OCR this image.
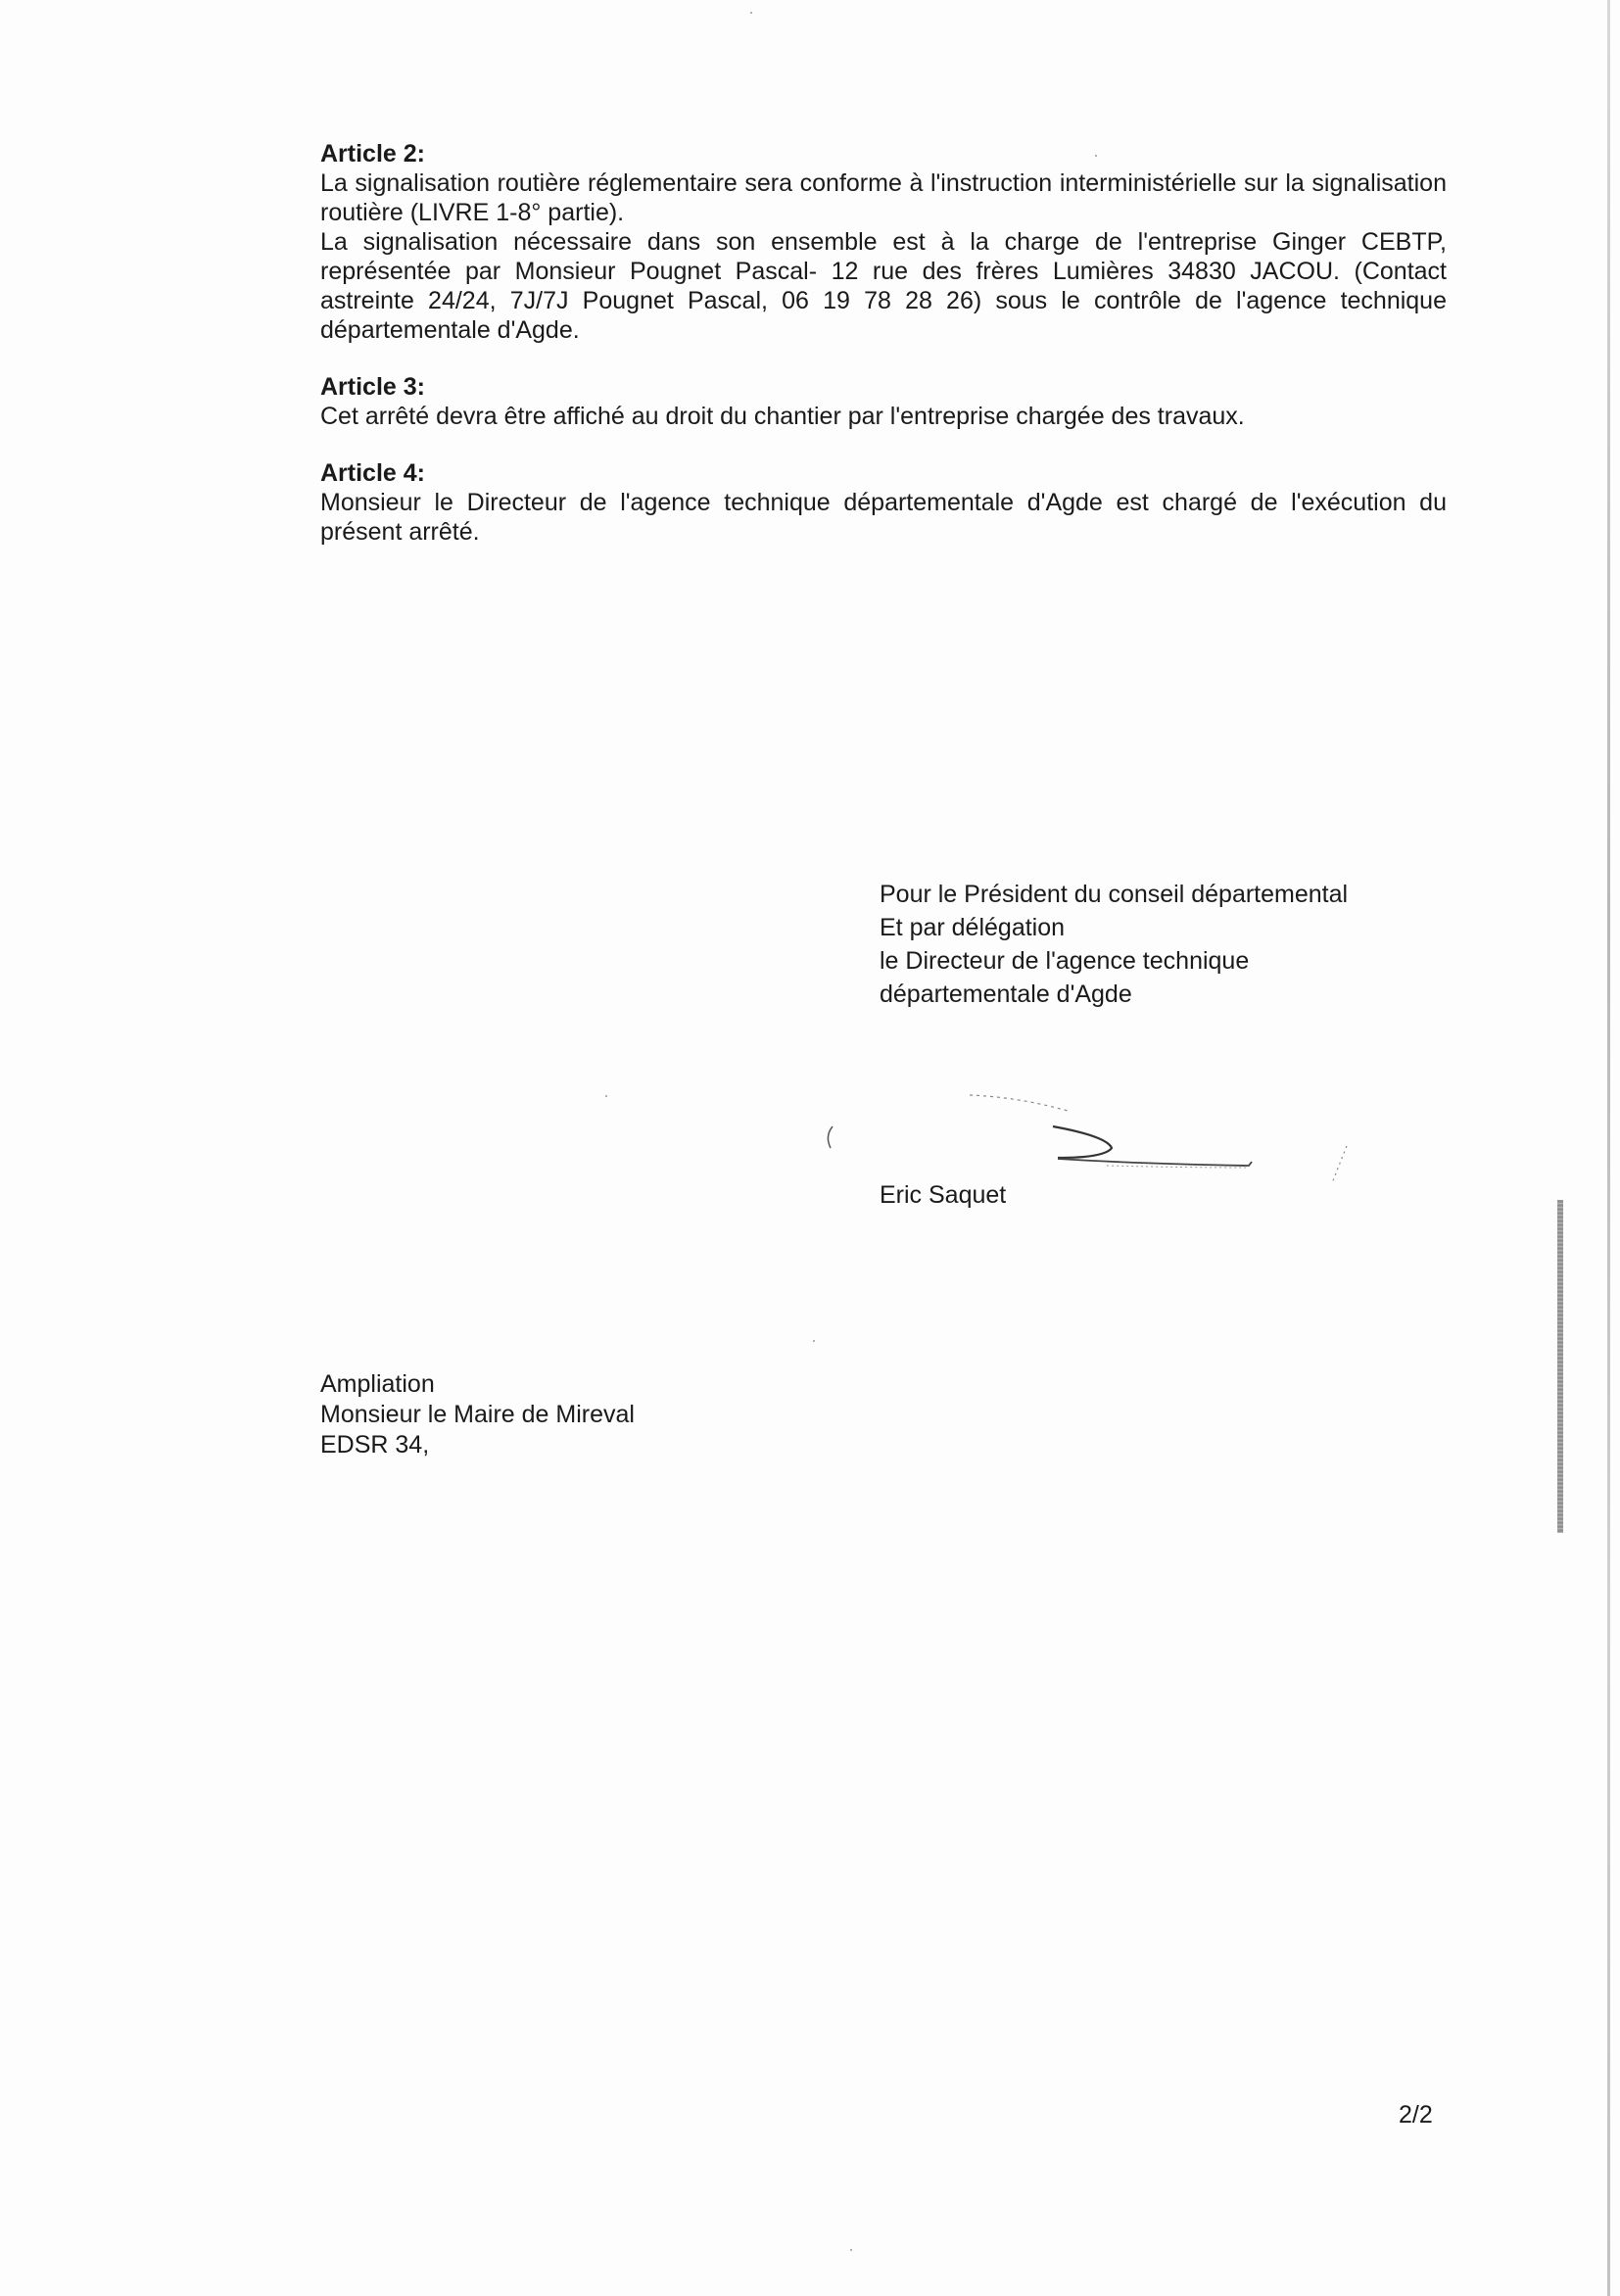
Article 2:

La signalisation routière réglementaire sera conforme à l'instruction interministérielle sur la signalisation routière (LIVRE 1-8° partie).

La signalisation nécessaire dans son ensemble est à la charge de l'entreprise Ginger CEBTP, représentée par Monsieur Pougnet Pascal- 12 rue des frères Lumières 34830 JACOU. (Contact astreinte 24/24, 7J/7J Pougnet Pascal, 06 19 78 28 26) sous le contrôle de l'agence technique départementale d'Agde.

Article 3:

Cet arrêté devra être affiché au droit du chantier par l'entreprise chargée des travaux.

Article 4:

Monsieur le Directeur de l'agence technique départementale d'Agde est chargé de l'exécution du présent arrêté.

Pour le Président du conseil départemental
Et par délégation
le Directeur de l'agence technique
départementale d'Agde
Eric Saquet
Ampliation
Monsieur le Maire de Mireval
EDSR 34,
2/2
